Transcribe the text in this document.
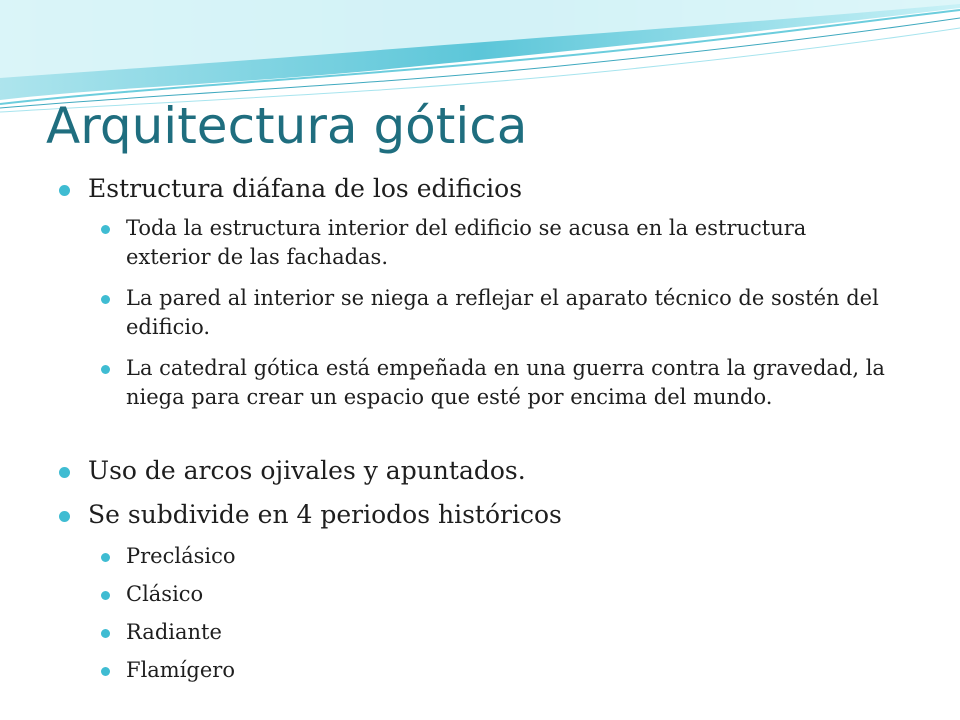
Arquitectura gótica
Estructura diáfana de los edificios
Toda la estructura interior del edificio se acusa en la estructura exterior de las fachadas.
La pared al interior se niega a reflejar el aparato técnico de sostén del edificio.
La catedral gótica está empeñada en una guerra contra la gravedad, la niega para crear un espacio que esté por encima del mundo.
Uso de arcos ojivales y apuntados.
Se subdivide en 4 periodos históricos
Preclásico
Clásico
Radiante
Flamígero
